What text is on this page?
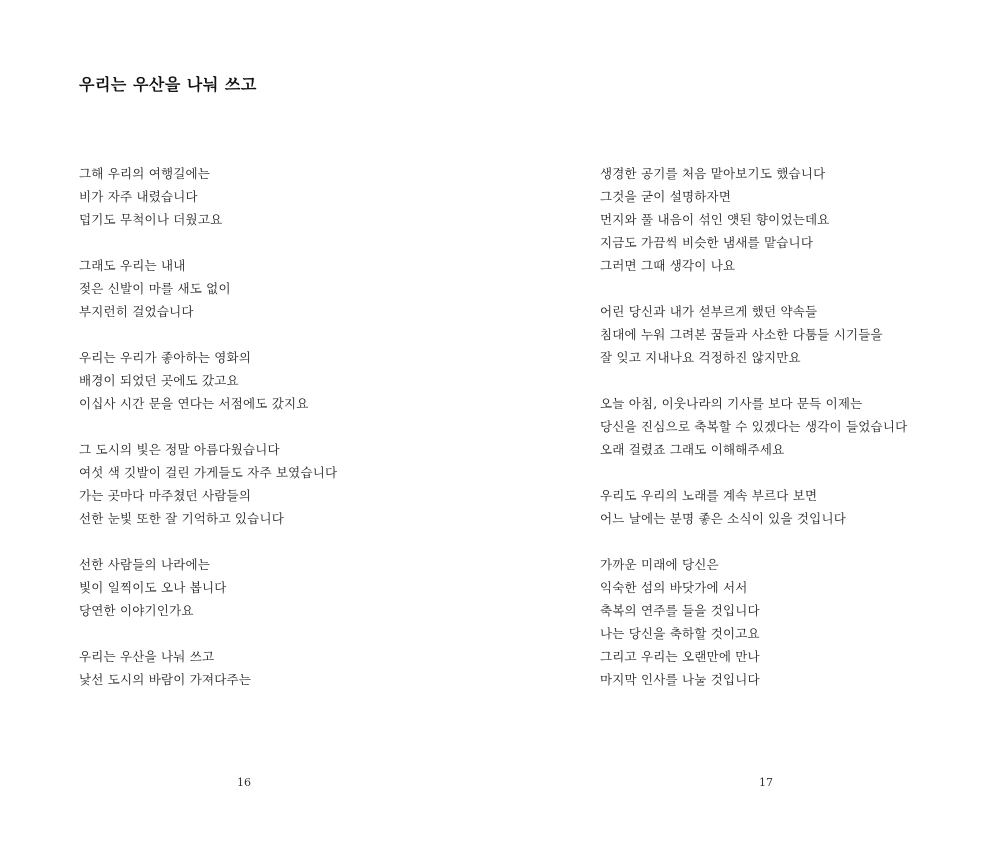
우리는 우산을 나눠 쓰고
그해 우리의 여행길에는
비가 자주 내렸습니다
덥기도 무척이나 더웠고요
그래도 우리는 내내
젖은 신발이 마를 새도 없이
부지런히 걸었습니다
우리는 우리가 좋아하는 영화의
배경이 되었던 곳에도 갔고요
이십사 시간 문을 연다는 서점에도 갔지요
그 도시의 빛은 정말 아름다웠습니다
여섯 색 깃발이 걸린 가게들도 자주 보였습니다
가는 곳마다 마주쳤던 사람들의
선한 눈빛 또한 잘 기억하고 있습니다
선한 사람들의 나라에는
빛이 일찍이도 오나 봅니다
당연한 이야기인가요
우리는 우산을 나눠 쓰고
낯선 도시의 바람이 가져다주는
16
생경한 공기를 처음 맡아보기도 했습니다
그것을 굳이 설명하자면
먼지와 풀 내음이 섞인 얫된 향이었는데요
지금도 가끔씩 비슷한 냄새를 맡습니다
그러면 그때 생각이 나요
어린 당신과 내가 섣부르게 했던 약속들
침대에 누워 그려본 꿈들과 사소한 다툼들 시기들을
잘 잊고 지내나요 걱정하진 않지만요
오늘 아침, 이웃나라의 기사를 보다 문득 이제는
당신을 진심으로 축복할 수 있겠다는 생각이 들었습니다
오래 걸렸죠 그래도 이해해주세요
우리도 우리의 노래를 계속 부르다 보면
어느 날에는 분명 좋은 소식이 있을 것입니다
가까운 미래에 당신은
익숙한 섬의 바닷가에 서서
축복의 연주를 들을 것입니다
나는 당신을 축하할 것이고요
그리고 우리는 오랜만에 만나
마지막 인사를 나눌 것입니다
17
